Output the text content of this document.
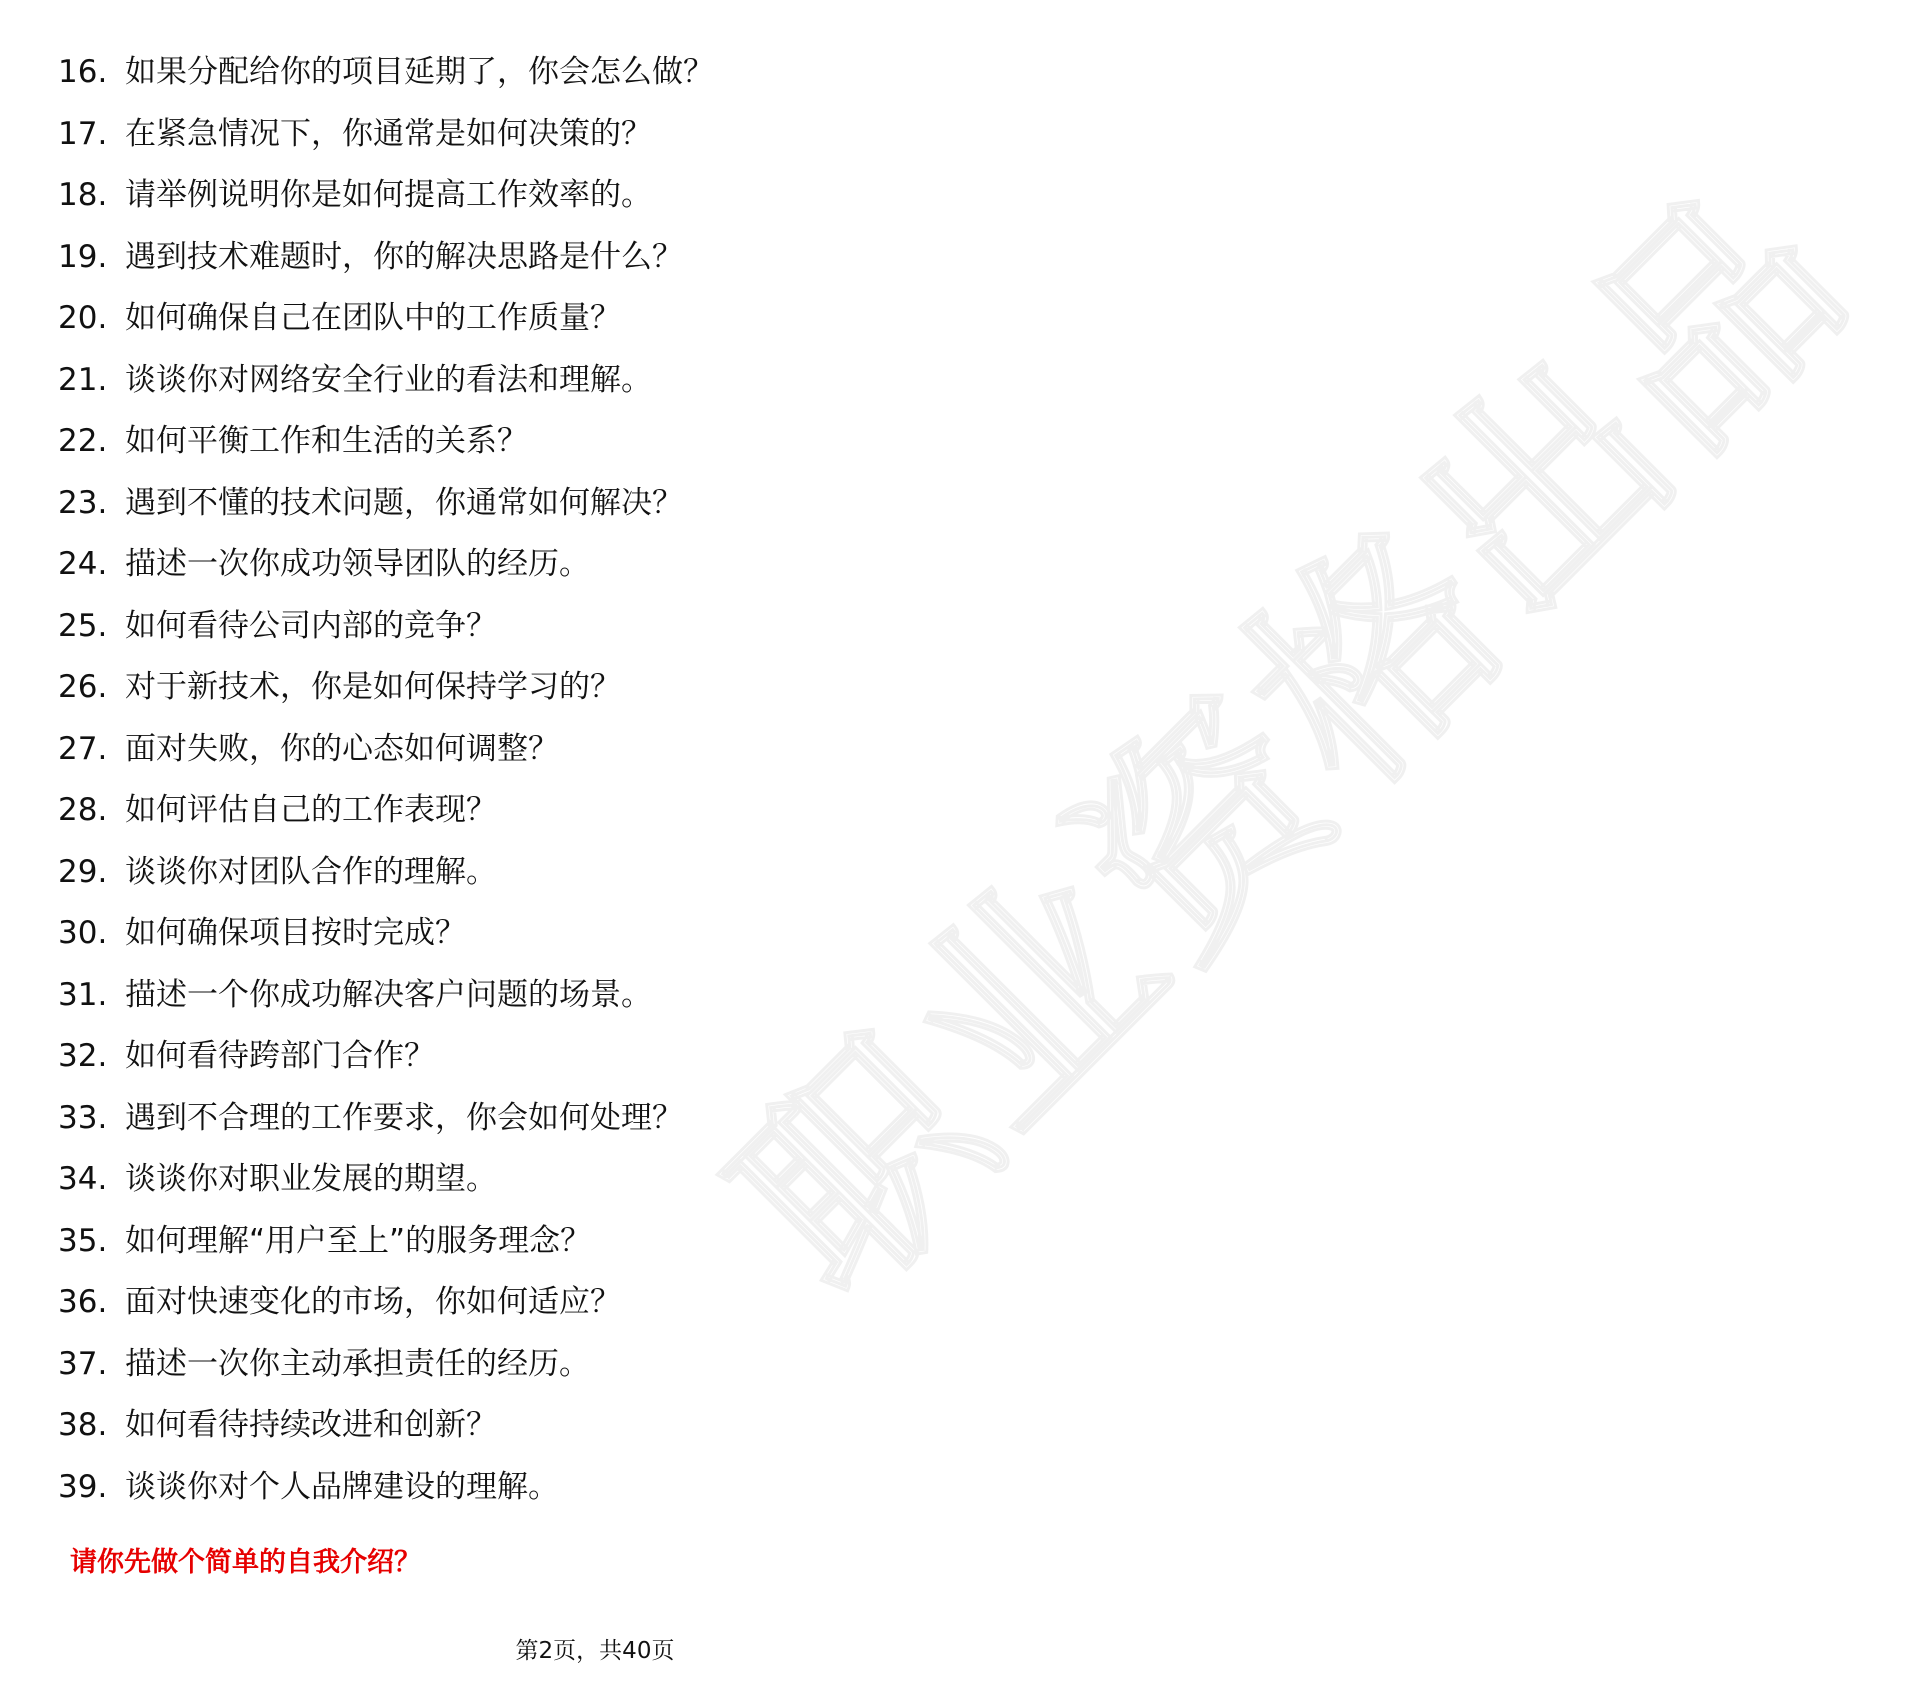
职业资格出品
16. 如果分配给你的项目延期了，你会怎么做？
17. 在紧急情况下，你通常是如何决策的？
18. 请举例说明你是如何提高工作效率的。
19. 遇到技术难题时，你的解决思路是什么？
20. 如何确保自己在团队中的工作质量？
21. 谈谈你对网络安全行业的看法和理解。
22. 如何平衡工作和生活的关系？
23. 遇到不懂的技术问题，你通常如何解决？
24. 描述一次你成功领导团队的经历。
25. 如何看待公司内部的竞争？
26. 对于新技术，你是如何保持学习的？
27. 面对失败，你的心态如何调整？
28. 如何评估自己的工作表现？
29. 谈谈你对团队合作的理解。
30. 如何确保项目按时完成？
31. 描述一个你成功解决客户问题的场景。
32. 如何看待跨部门合作？
33. 遇到不合理的工作要求，你会如何处理？
34. 谈谈你对职业发展的期望。
35. 如何理解“用户至上”的服务理念？
36. 面对快速变化的市场，你如何适应？
37. 描述一次你主动承担责任的经历。
38. 如何看待持续改进和创新？
39. 谈谈你对个人品牌建设的理解。
请你先做个简单的自我介绍？
第2页，共40页
